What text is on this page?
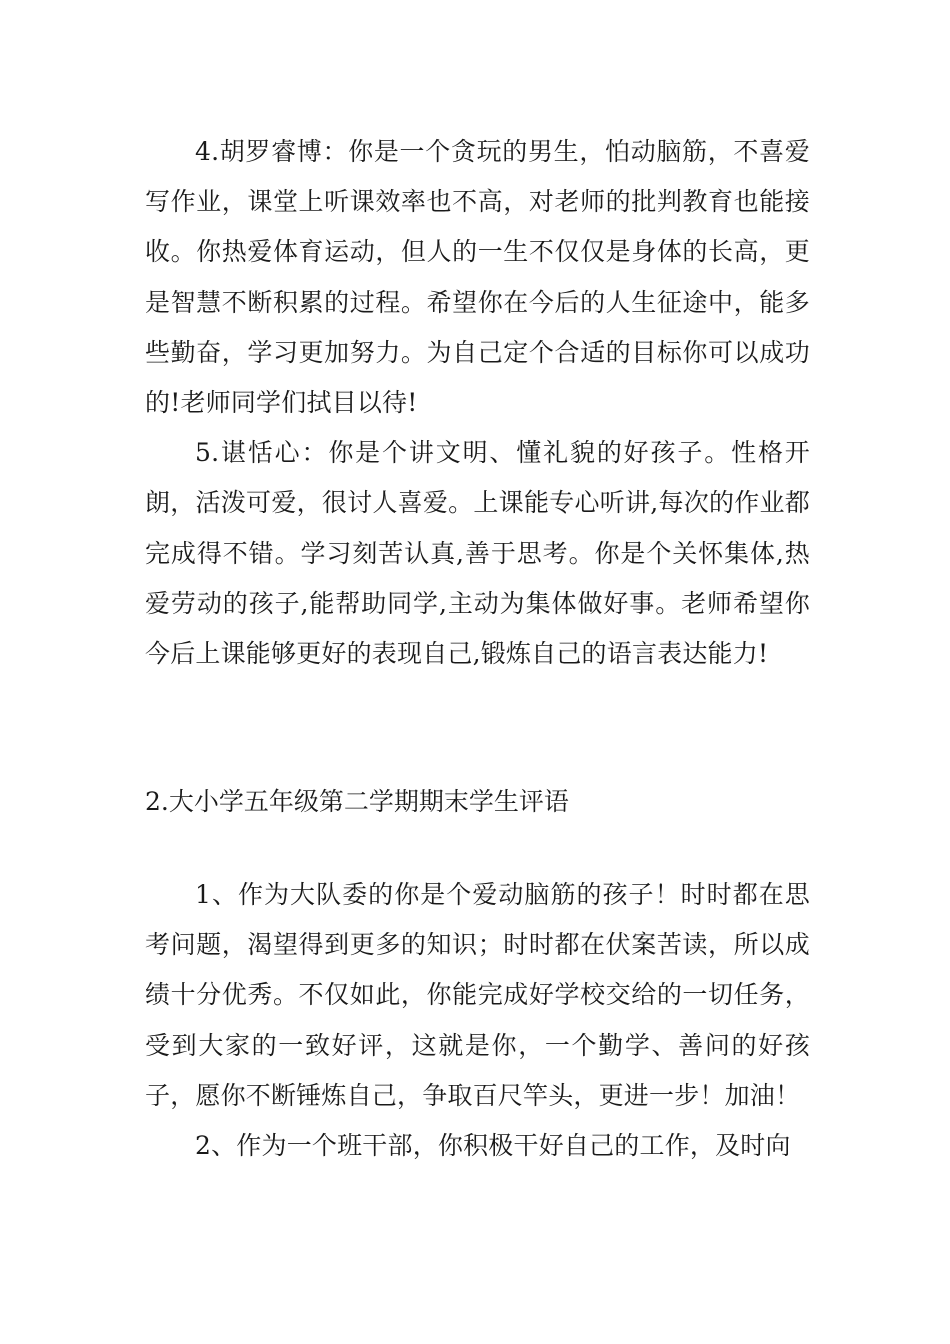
4.胡罗睿博：你是一个贪玩的男生，怕动脑筋，不喜爱写作业，课堂上听课效率也不高，对老师的批判教育也能接收。你热爱体育运动，但人的一生不仅仅是身体的长高，更是智慧不断积累的过程。希望你在今后的人生征途中，能多些勤奋，学习更加努力。为自己定个合适的目标你可以成功的!老师同学们拭目以待!

5.谌恬心：你是个讲文明、懂礼貌的好孩子。性格开朗，活泼可爱，很讨人喜爱。上课能专心听讲,每次的作业都完成得不错。学习刻苦认真,善于思考。你是个关怀集体,热爱劳动的孩子,能帮助同学,主动为集体做好事。老师希望你今后上课能够更好的表现自己,锻炼自己的语言表达能力!

2.大小学五年级第二学期期末学生评语

1、作为大队委的你是个爱动脑筋的孩子！时时都在思考问题，渴望得到更多的知识；时时都在伏案苦读，所以成绩十分优秀。不仅如此，你能完成好学校交给的一切任务，受到大家的一致好评，这就是你，一个勤学、善问的好孩子，愿你不断锤炼自己，争取百尺竿头，更进一步！加油！

2、作为一个班干部，你积极干好自己的工作，及时向
